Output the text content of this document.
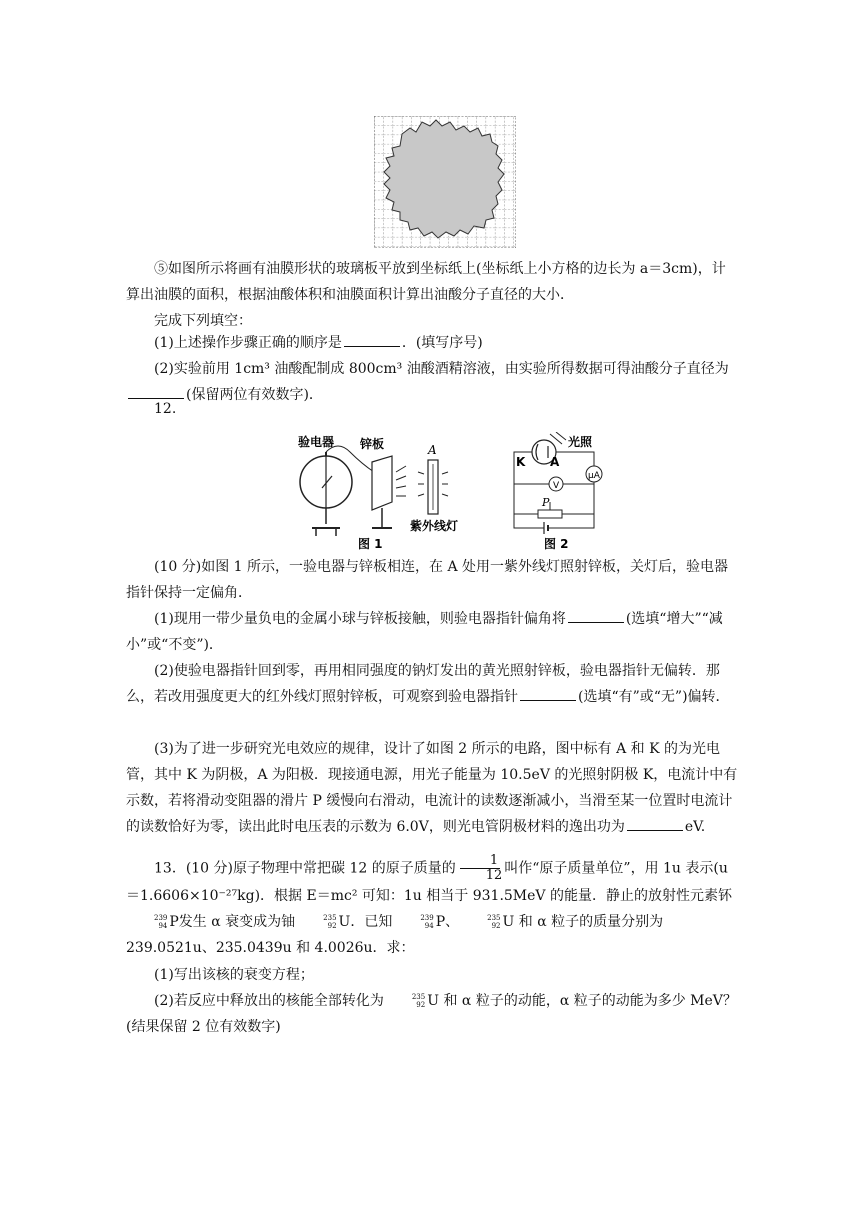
⑤如图所示将画有油膜形状的玻璃板平放到坐标纸上(坐标纸上小方格的边长为 a＝3cm)，计算出油膜的面积，根据油酸体积和油膜面积计算出油酸分子直径的大小．

完成下列填空：

(1)上述操作步骤正确的顺序是	．(填写序号)

(2)实验前用 1cm³ 油酸配制成 800cm³ 油酸酒精溶液，由实验所得数据可得油酸分子直径为(保留两位有效数字)．

12.

验电器 锌板	A
紫外线灯
图 1
光照
K A
μA
V
P
图 2

(10 分)如图 1 所示，一验电器与锌板相连，在 A 处用一紫外线灯照射锌板，关灯后，验电器指针保持一定偏角．

(1)现用一带少量负电的金属小球与锌板接触，则验电器指针偏角将	(选填“增大”“减小”或“不变”)．

(2)使验电器指针回到零，再用相同强度的钠灯发出的黄光照射锌板，验电器指针无偏转．那么，若改用强度更大的红外线灯照射锌板，可观察到验电器指针	(选填“有”或“无”)偏转．

(3)为了进一步研究光电效应的规律，设计了如图 2 所示的电路，图中标有 A 和 K 的为光电管，其中 K 为阴极，A 为阳极．现接通电源，用光子能量为 10.5eV 的光照射阴极 K，电流计中有示数，若将滑动变阻器的滑片 P 缓慢向右滑动，电流计的读数逐渐减小，当滑至某一位置时电流计的读数恰好为零，读出此时电压表的示数为 6.0V，则光电管阴极材料的逸出功为	eV.

13．(10 分)原子物理中常把碳 12 的原子质量的 $\frac{1}{12}$ 叫作“原子质量单位”，用 1u 表示(u＝1.6606×10⁻²⁷kg)．根据 E＝mc² 可知：1u 相当于 931.5MeV 的能量．静止的放射性元素钚
239
94 P发生 α 衰变成为铀	235
92 U．已知	239
94 P、	235
92 U 和 α 粒子的质量分别为 239.0521u、235.0439u 和 4.0026u．求：

(1)写出该核的衰变方程；

(2)若反应中释放出的核能全部转化为	235
92 U 和 α 粒子的动能，α 粒子的动能为多少 MeV？(结果保留 2 位有效数字)
